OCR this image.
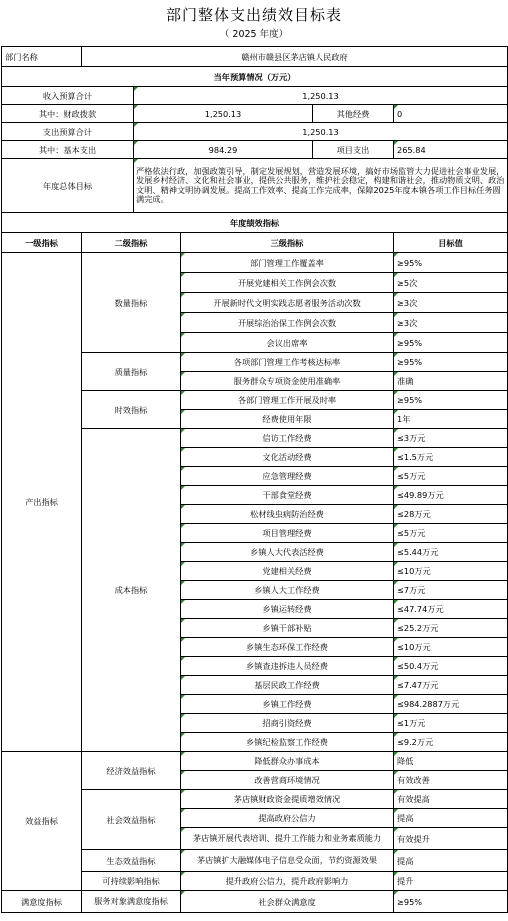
部门整体支出绩效目标表
（ 2025 年度）
部门名称	赣州市赣县区茅店镇人民政府				
当年预算情况（万元）					
收入预算合计		1,250.13			
其中：财政拨款		1,250.13		其他经费	0
支出预算合计		1,250.13			
其中：基本支出		984.29		项目支出	265.84
年度总体目标		严格依法行政，加强政策引导，制定发展规划，营造发展环境，搞好市场监管大力促进社会事业发展，发展乡村经济、文化和社会事业，提供公共服务，维护社会稳定，构建和谐社会，推动物质文明、政治文明、精神文明协调发展。提高工作效率、提高工作完成率，保障2025年度本镇各项工作目标任务圆满完成。			
年度绩效指标					
一级指标	二级指标		三级指标		目标值
产出指标	数量指标		部门管理工作覆盖率		≥95%
			开展党建相关工作例会次数		≥5次
			开展新时代文明实践志愿者服务活动次数		≥3次
			开展综治治保工作例会次数		≥3次
			会议出席率		≥95%
	质量指标		各项部门管理工作考核达标率		≥95%
			服务群众专项资金使用准确率		准确
	时效指标		各部门管理工作开展及时率		≥95%
			经费使用年限		1年
	成本指标		信访工作经费		≤3万元
			文化活动经费		≤1.5万元
			应急管理经费		≤5万元
			干部食堂经费		≤49.89万元
			松材线虫病防治经费		≤28万元
			项目管理经费		≤5万元
			乡镇人大代表活经费		≤5.44万元
			党建相关经费		≤10万元
			乡镇人大工作经费		≤7万元
			乡镇运转经费		≤47.74万元
			乡镇干部补贴		≤25.2万元
			乡镇生态环保工作经费		≤10万元
			乡镇查违拆违人员经费		≤50.4万元
			基层民政工作经费		≤7.47万元
			乡镇工作经费		≤984.2887万元
			招商引资经费		≤1万元
			乡镇纪检监察工作经费		≤9.2万元
效益指标	经济效益指标		降低群众办事成本		降低
			改善营商环境情况		有效改善
	社会效益指标		茅店镇财政资金提质增效情况		有效提高
			提高政府公信力		提高
			茅店镇开展代表培训、提升工作能力和业务素质能力		有效提升
	生态效益指标		茅店镇扩大融媒体电子信息受众面，节约资源效果		提高
	可持续影响指标		提升政府公信力，提升政府影响力		提升
满意度指标	服务对象满意度指标		社会群众满意度		≥95%
